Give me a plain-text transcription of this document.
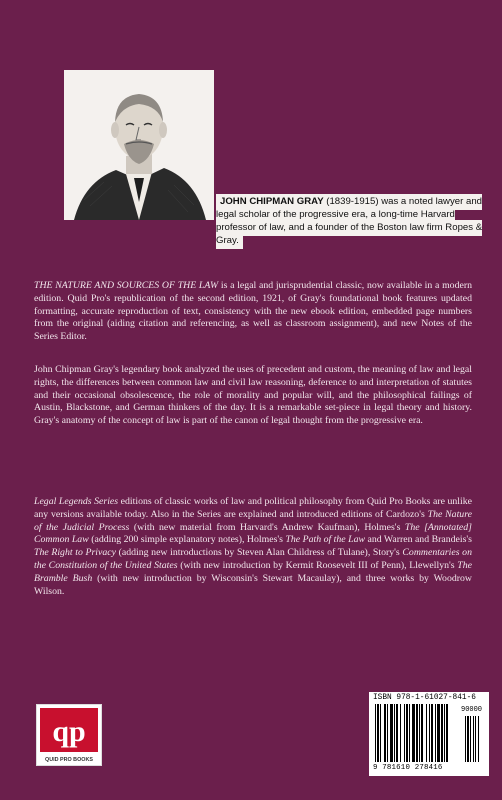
JOHN CHIPMAN GRAY (1839-1915) was a noted lawyer and legal scholar of the progressive era, a long-time Harvard professor of law, and a founder of the Boston law firm Ropes & Gray.
THE NATURE AND SOURCES OF THE LAW is a legal and jurisprudential classic, now available in a modern edition. Quid Pro's republication of the second edition, 1921, of Gray's foundational book features updated formatting, accurate reproduction of text, consistency with the new ebook edition, embedded page numbers from the original (aiding citation and referencing, as well as classroom assignment), and new Notes of the Series Editor.
John Chipman Gray's legendary book analyzed the uses of precedent and custom, the meaning of law and legal rights, the differences between common law and civil law reasoning, deference to and interpretation of statutes and their occasional obsolescence, the role of morality and popular will, and the philosophical failings of Austin, Blackstone, and German thinkers of the day. It is a remarkable set-piece in legal theory and history. Gray's anatomy of the concept of law is part of the canon of legal thought from the progressive era.
Legal Legends Series editions of classic works of law and political philosophy from Quid Pro Books are unlike any versions available today. Also in the Series are explained and introduced editions of Cardozo's The Nature of the Judicial Process (with new material from Harvard's Andrew Kaufman), Holmes's The [Annotated] Common Law (adding 200 simple explanatory notes), Holmes's The Path of the Law and Warren and Brandeis's The Right to Privacy (adding new introductions by Steven Alan Childress of Tulane), Story's Commentaries on the Constitution of the United States (with new introduction by Kermit Roosevelt III of Penn), Llewellyn's The Bramble Bush (with new introduction by Wisconsin's Stewart Macaulay), and three works by Woodrow Wilson.
qp
QUID PRO BOOKS
ISBN 978-1-61027-841-6
90000
9 781610 278416
